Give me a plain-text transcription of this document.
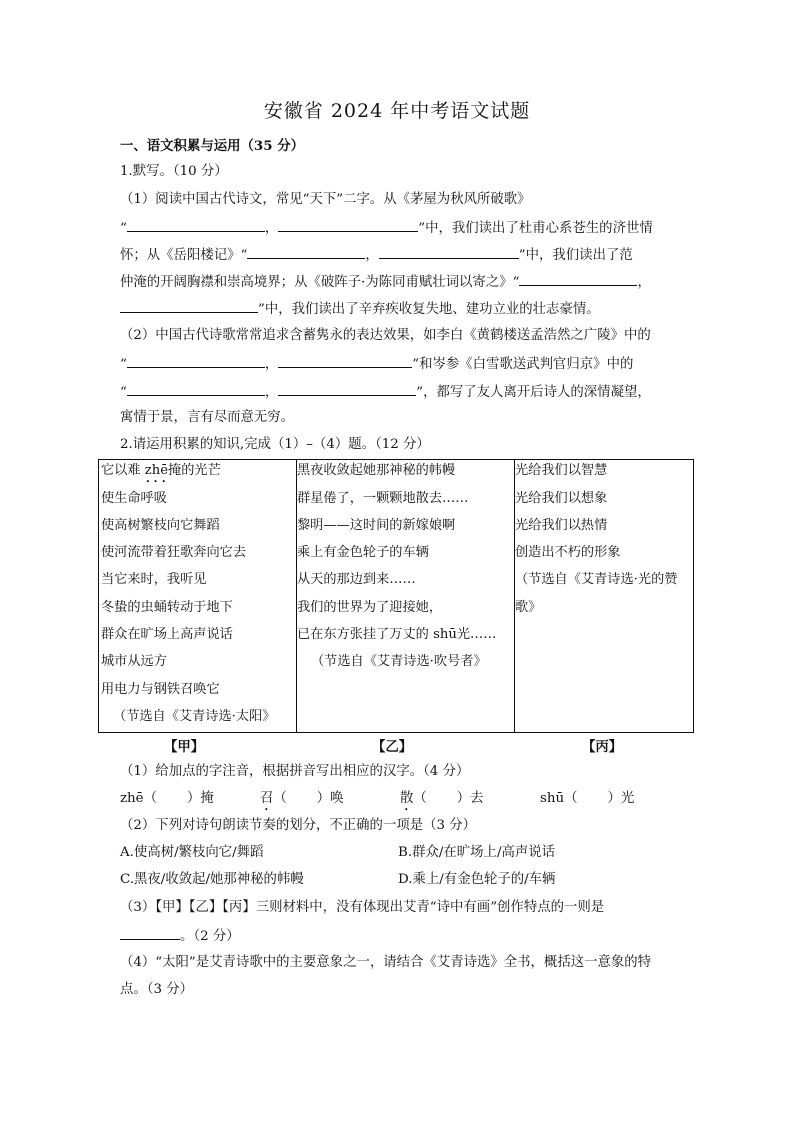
安徽省 2024 年中考语文试题
一、语文积累与运用（35 分）
1.默写。（10 分）
（1）阅读中国古代诗文，常见“天下”二字。从《茅屋为秋风所破歌》
“	，	”中，我们读出了杜甫心系苍生的济世情
怀；从《岳阳楼记》“	，	”中，我们读出了范
仲淹的开阔胸襟和崇高境界；从《破阵子·为陈同甫赋壮词以寄之》“	，
”中，我们读出了辛弃疾收复失地、建功立业的壮志豪情。
（2）中国古代诗歌常常追求含蓄隽永的表达效果，如李白《黄鹤楼送孟浩然之广陵》中的
“	，	”和岑参《白雪歌送武判官归京》中的
“	，	”，都写了友人离开后诗人的深情凝望，
寓情于景，言有尽而意无穷。
2.请运用积累的知识,完成（1）–（4）题。（12 分）
它以难 zhē掩的光芒
使生命呼吸
使高树繁枝向它舞蹈
使河流带着狂歌奔向它去
当它来时，我听见
冬蛰的虫蛹转动于地下
群众在旷场上高声说话
城市从远方
用电力与钢铁召唤它
（节选自《艾青诗选·太阳》
黑夜收敛起她那神秘的帏幔
群星倦了，一颗颗地散去……
黎明——这时间的新嫁娘啊
乘上有金色轮子的车辆
从天的那边到来……
我们的世界为了迎接她，
已在东方张挂了万丈的 shū光……
（节选自《艾青诗选·吹号者》
光给我们以智慧
光给我们以想象
光给我们以热情
创造出不朽的形象
（节选自《艾青诗选·光的赞
歌》
【甲】	【乙】	【丙】
（1）给加点的字注音，根据拼音写出相应的汉字。（4 分）
zhē（ ）掩	召（ ）唤	散（ ）去	shū（ ）光
（2）下列对诗句朗读节奏的划分，不正确的一项是（3 分）
A.使高树/繁枝向它/舞蹈	B.群众/在旷场上/高声说话
C.黑夜/收敛起/她那神秘的帏幔	D.乘上/有金色轮子的/车辆
（3）【甲】【乙】【丙】三则材料中，没有体现出艾青“诗中有画”创作特点的一则是
。（2 分）
（4）“太阳”是艾青诗歌中的主要意象之一，请结合《艾青诗选》全书，概括这一意象的特
点。（3 分）
